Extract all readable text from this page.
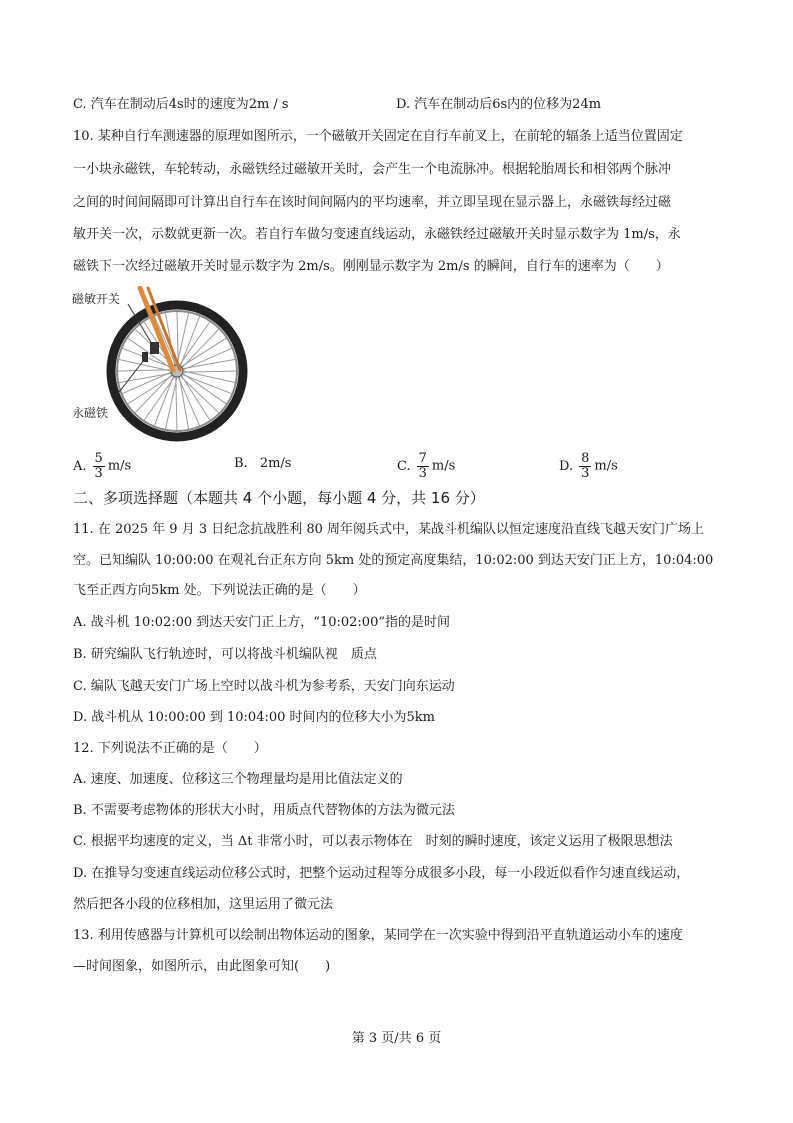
C. 汽车在制动后4s时的速度为2m / s	D. 汽车在制动后6s内的位移为24m
10. 某种自行车测速器的原理如图所示，一个磁敏开关固定在自行车前叉上，在前轮的辐条上适当位置固定
一小块永磁铁，车轮转动，永磁铁经过磁敏开关时，会产生一个电流脉冲。根据轮胎周长和相邻两个脉冲
之间的时间间隔即可计算出自行车在该时间间隔内的平均速率，并立即呈现在显示器上，永磁铁每经过磁
敏开关一次，示数就更新一次。若自行车做匀变速直线运动，永磁铁经过磁敏开关时显示数字为 1m/s，永
磁铁下一次经过磁敏开关时显示数字为 2m/s。刚刚显示数字为 2m/s 的瞬间，自行车的速率为（　　）
磁敏开关
永磁铁
A. $\frac{5}{3} m/s$	B. 2m/s	C. $\frac{7}{3} m/s$	D. $\frac{8}{3} m/s$
二、多项选择题（本题共 4 个小题，每小题 4 分，共 16 分）
11. 在 2025 年 9 月 3 日纪念抗战胜利 80 周年阅兵式中，某战斗机编队以恒定速度沿直线飞越天安门广场上
空。已知编队 10:00:00 在观礼台正东方向 5km 处的预定高度集结，10:02:00 到达天安门正上方，10:04:00
飞至正西方向5km 处。下列说法正确的是（　　）
A. 战斗机 10:02:00 到达天安门正上方，“10:02:00”指的是时间
B. 研究编队飞行轨迹时，可以将战斗机编队视　质点
C. 编队飞越天安门广场上空时以战斗机为参考系，天安门向东运动
D. 战斗机从 10:00:00 到 10:04:00 时间内的位移大小为5km
12. 下列说法不正确的是（　　）
A. 速度、加速度、位移这三个物理量均是用比值法定义的
B. 不需要考虑物体的形状大小时，用质点代替物体的方法为微元法
C. 根据平均速度的定义，当 Δt 非常小时，可以表示物体在　时刻的瞬时速度，该定义运用了极限思想法
D. 在推导匀变速直线运动位移公式时，把整个运动过程等分成很多小段，每一小段近似看作匀速直线运动，
然后把各小段的位移相加，这里运用了微元法
13. 利用传感器与计算机可以绘制出物体运动的图象，某同学在一次实验中得到沿平直轨道运动小车的速度
—时间图象，如图所示，由此图象可知(　　)
第 3 页/共 6 页
